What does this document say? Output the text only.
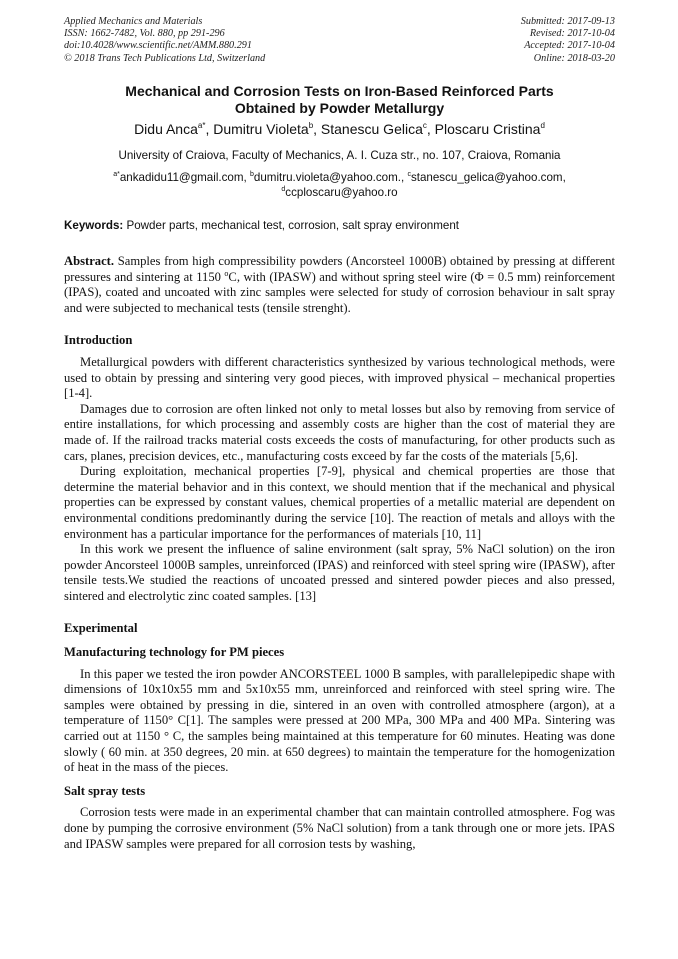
Applied Mechanics and Materials
ISSN: 1662-7482, Vol. 880, pp 291-296
doi:10.4028/www.scientific.net/AMM.880.291
© 2018 Trans Tech Publications Ltd, Switzerland
Submitted: 2017-09-13
Revised: 2017-10-04
Accepted: 2017-10-04
Online: 2018-03-20
Mechanical and Corrosion Tests on Iron-Based Reinforced Parts
Obtained by Powder Metallurgy
Didu Anca$^{a*}$, Dumitru Violeta$^b$, Stanescu Gelica$^c$, Ploscaru Cristina$^d$
University of Craiova, Faculty of Mechanics, A. I. Cuza str., no. 107, Craiova, Romania
$^{a*}$ankadidu11@gmail.com, $^b$dumitru.violeta@yahoo.com., $^c$stanescu_gelica@yahoo.com,
$^d$ccploscaru@yahoo.ro
Keywords: Powder parts, mechanical test, corrosion, salt spray environment

Abstract. Samples from high compressibility powders (Ancorsteel 1000B) obtained by pressing at different pressures and sintering at 1150 $^o$C, with (IPASW) and without spring steel wire (Φ = 0.5 mm) reinforcement (IPAS), coated and uncoated with zinc samples were selected for study of corrosion behaviour in salt spray and were subjected to mechanical tests (tensile strenght).

Introduction

Metallurgical powders with different characteristics synthesized by various technological methods, were used to obtain by pressing and sintering very good pieces, with improved physical – mechanical properties [1-4].

Damages due to corrosion are often linked not only to metal losses but also by removing from service of entire installations, for which processing and assembly costs are higher than the cost of material they are made of. If the railroad tracks material costs exceeds the costs of manufacturing, for other products such as cars, planes, precision devices, etc., manufacturing costs exceed by far the costs of the materials [5,6].

During exploitation, mechanical properties [7-9], physical and chemical properties are those that determine the material behavior and in this context, we should mention that if the mechanical and physical properties can be expressed by constant values, chemical properties of a metallic material are dependent on environmental conditions predominantly during the service [10]. The reaction of metals and alloys with the environment has a particular importance for the performances of materials [10, 11]

In this work we present the influence of saline environment (salt spray, 5% NaCl solution) on the iron powder Ancorsteel 1000B samples, unreinforced (IPAS) and reinforced with steel spring wire (IPASW), after tensile tests.We studied the reactions of uncoated pressed and sintered powder pieces and also pressed, sintered and electrolytic zinc coated samples. [13]

Experimental

Manufacturing technology for PM pieces

In this paper we tested the iron powder ANCORSTEEL 1000 B samples, with parallelepipedic shape with dimensions of 10x10x55 mm and 5x10x55 mm, unreinforced and reinforced with steel spring wire. The samples were obtained by pressing in die, sintered in an oven with controlled atmosphere (argon), at a temperature of 1150° C[1]. The samples were pressed at 200 MPa, 300 MPa and 400 MPa. Sintering was carried out at 1150 ° C, the samples being maintained at this temperature for 60 minutes. Heating was done slowly ( 60 min. at 350 degrees, 20 min. at 650 degrees) to maintain the temperature for the homogenization of heat in the mass of the pieces.

Salt spray tests

Corrosion tests were made in an experimental chamber that can maintain controlled atmosphere. Fog was done by pumping the corrosive environment (5% NaCl solution) from a tank through one or more jets. IPAS and IPASW samples were prepared for all corrosion tests by washing,
